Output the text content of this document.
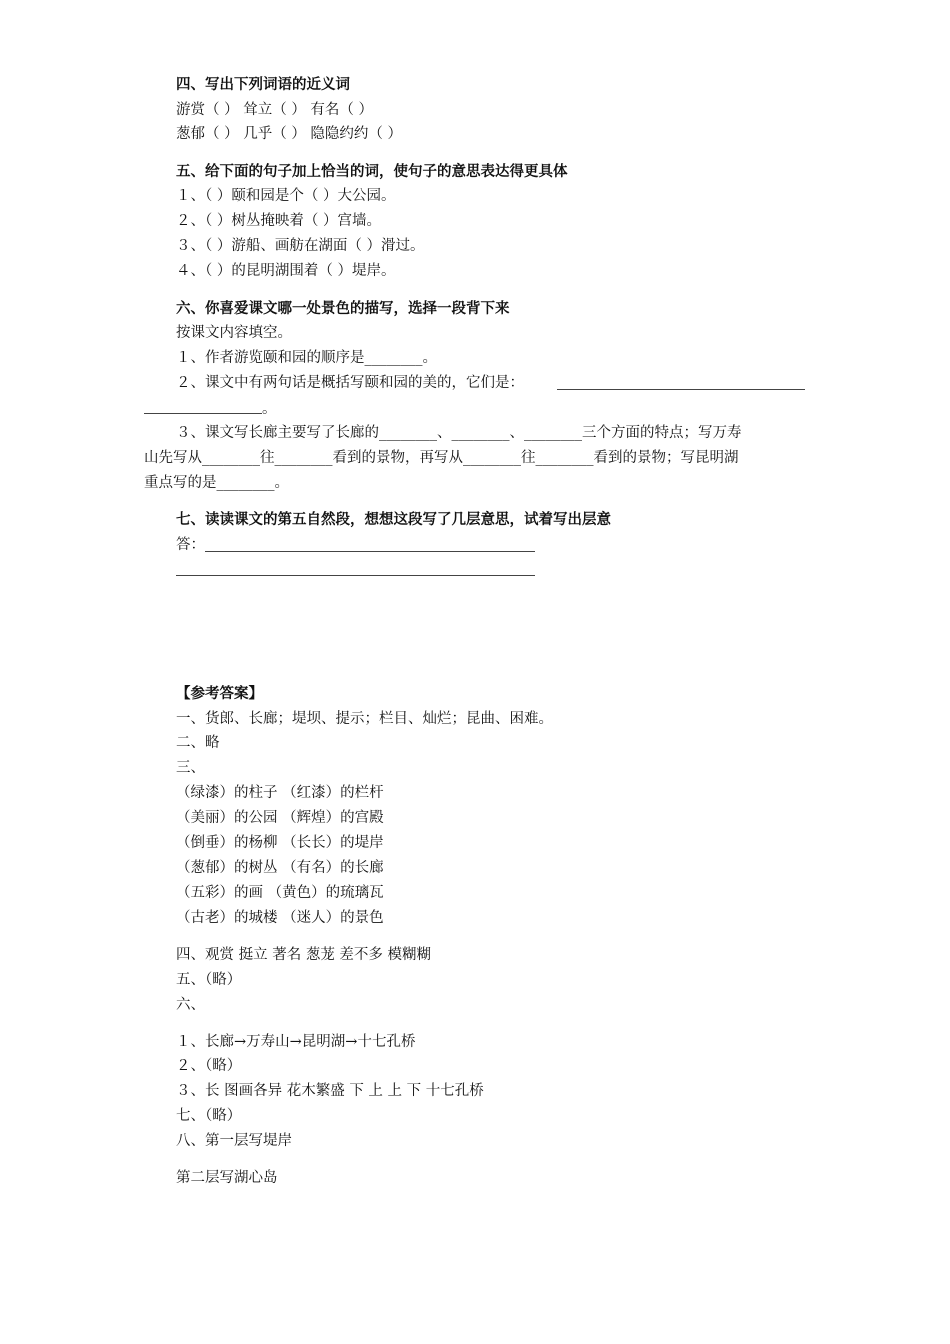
四、写出下列词语的近义词
游赏（ ） 耸立（ ） 有名（ ）
葱郁（ ） 几乎（ ） 隐隐约约（ ）
五、给下面的句子加上恰当的词，使句子的意思表达得更具体
１、（ ）颐和园是个（ ）大公园。
２、（ ）树丛掩映着（ ）宫墙。
３、（ ）游船、画舫在湖面（ ）滑过。
４、（ ）的昆明湖围着（ ）堤岸。
六、你喜爱课文哪一处景色的描写，选择一段背下来
按课文内容填空。
１、作者游览颐和园的顺序是________。
２、课文中有两句话是概括写颐和园的美的，它们是：
。
３、课文写长廊主要写了长廊的________、________、________三个方面的特点；写万寿
山先写从________往________看到的景物，再写从________往________看到的景物；写昆明湖
重点写的是________。
七、读读课文的第五自然段，想想这段写了几层意思，试着写出层意
答：
【参考答案】
一、货郎、长廊；堤坝、提示；栏目、灿烂；昆曲、困难。
二、略
三、
（绿漆）的柱子 （红漆）的栏杆
（美丽）的公园 （辉煌）的宫殿
（倒垂）的杨柳 （长长）的堤岸
（葱郁）的树丛 （有名）的长廊
（五彩）的画 （黄色）的琉璃瓦
（古老）的城楼 （迷人）的景色
四、观赏 挺立 著名 葱茏 差不多 模糊糊
五、（略）
六、
１、长廊→万寿山→昆明湖→十七孔桥
２、（略）
３、长 图画各异 花木繁盛 下 上 上 下 十七孔桥
七、（略）
八、第一层写堤岸
第二层写湖心岛
